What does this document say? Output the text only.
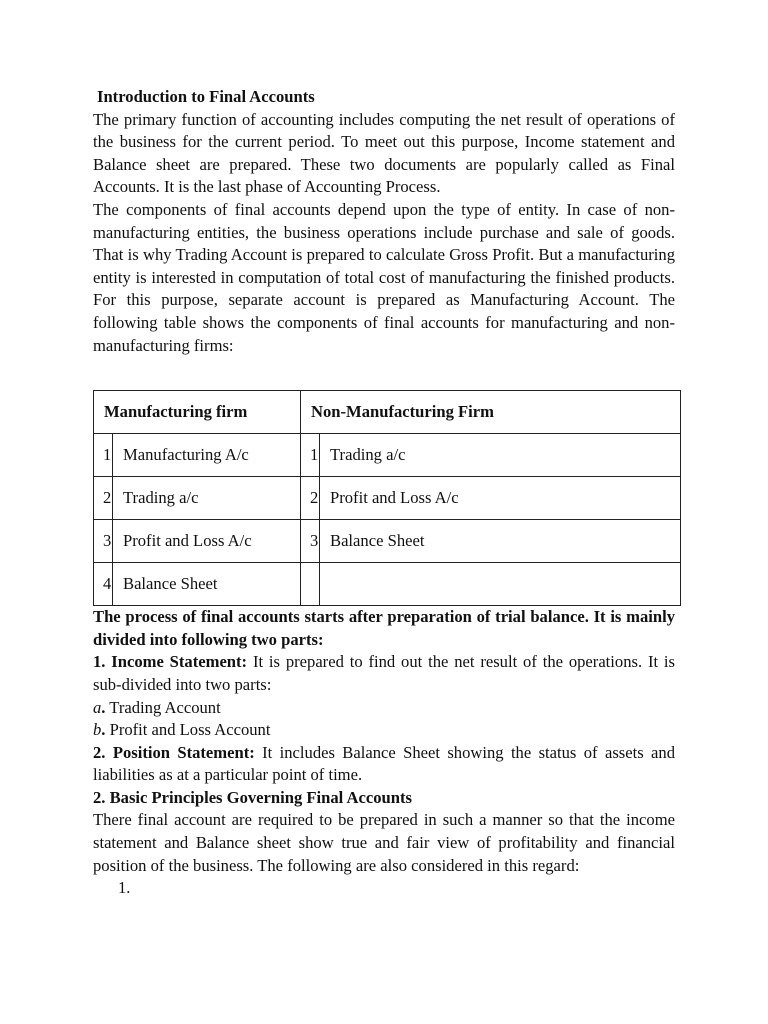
Introduction to Final Accounts

The primary function of accounting includes computing the net result of operations of the business for the current period. To meet out this purpose, Income statement and Balance sheet are prepared. These two documents are popularly called as Final Accounts. It is the last phase of Accounting Process.

The components of final accounts depend upon the type of entity. In case of non-manufacturing entities, the business operations include purchase and sale of goods. That is why Trading Account is prepared to calculate Gross Profit. But a manufacturing entity is interested in computation of total cost of manufacturing the finished products. For this purpose, separate account is prepared as Manufacturing Account. The following table shows the components of final accounts for manufacturing and non-manufacturing firms:

Manufacturing firm		Non-Manufacturing Firm	
1	Manufacturing A/c	1	Trading a/c
2	Trading a/c	2	Profit and Loss A/c
3	Profit and Loss A/c	3	Balance Sheet
4	Balance Sheet		

The process of final accounts starts after preparation of trial balance. It is mainly divided into following two parts:

1. Income Statement: It is prepared to find out the net result of the operations. It is sub-divided into two parts:

a. Trading Account

b. Profit and Loss Account

2. Position Statement: It includes Balance Sheet showing the status of assets and liabilities as at a particular point of time.

2. Basic Principles Governing Final Accounts

There final account are required to be prepared in such a manner so that the income statement and Balance sheet show true and fair view of profitability and financial position of the business. The following are also considered in this regard:

1.
